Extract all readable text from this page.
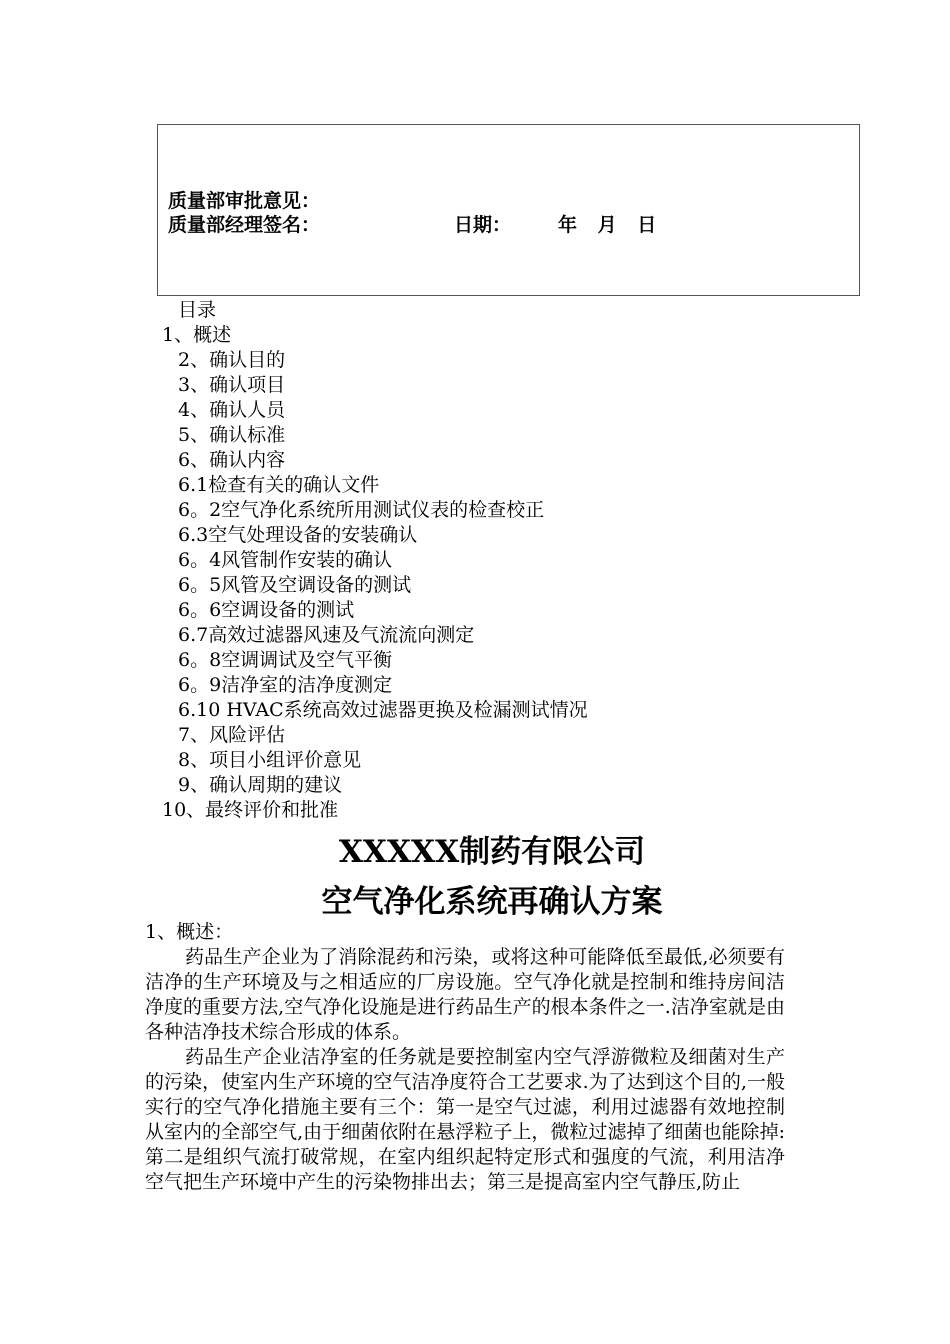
质量部审批意见：
质量部经理签名：	日期： 年 月 日
目录
1、概述
2、确认目的
3、确认项目
4、确认人员
5、确认标准
6、确认内容
6.1检查有关的确认文件
6。2空气净化系统所用测试仪表的检查校正
6.3空气处理设备的安装确认
6。4风管制作安装的确认
6。5风管及空调设备的测试
6。6空调设备的测试
6.7高效过滤器风速及气流流向测定
6。8空调调试及空气平衡
6。9洁净室的洁净度测定
6.10 HVAC系统高效过滤器更换及检漏测试情况
7、风险评估
8、项目小组评价意见
9、确认周期的建议
10、最终评价和批准
XXXXX制药有限公司
空气净化系统再确认方案
1、概述：
药品生产企业为了消除混药和污染，或将这种可能降低至最低,必须要有洁净的生产环境及与之相适应的厂房设施。空气净化就是控制和维持房间洁净度的重要方法,空气净化设施是进行药品生产的根本条件之一.洁净室就是由各种洁净技术综合形成的体系。
药品生产企业洁净室的任务就是要控制室内空气浮游微粒及细菌对生产的污染，使室内生产环境的空气洁净度符合工艺要求.为了达到这个目的,一般实行的空气净化措施主要有三个：第一是空气过滤，利用过滤器有效地控制从室内的全部空气,由于细菌依附在悬浮粒子上，微粒过滤掉了细菌也能除掉:第二是组织气流打破常规，在室内组织起特定形式和强度的气流，利用洁净空气把生产环境中产生的污染物排出去；第三是提高室内空气静压,防止
